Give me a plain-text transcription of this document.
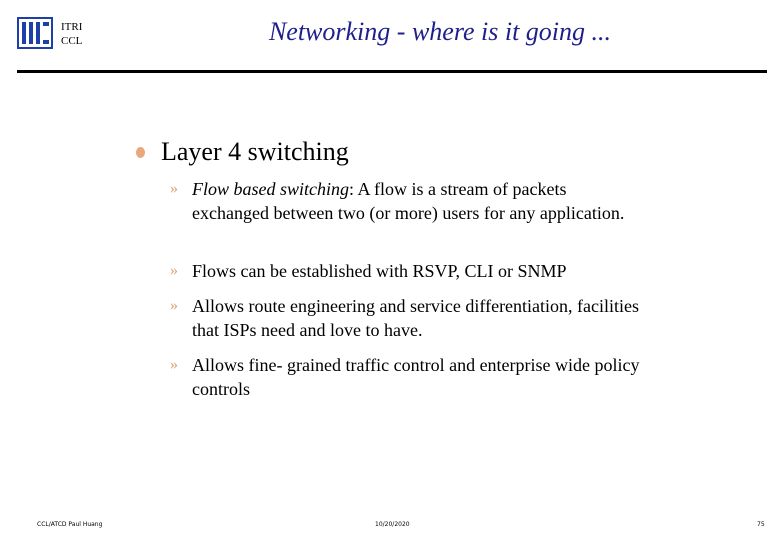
ITRI
CCL	Networking - where is it going ...
Layer 4 switching
» Flow based switching: A flow is a stream of packets exchanged between two (or more) users for any application.
» Flows can be established with RSVP, CLI or SNMP
» Allows route engineering and service differentiation, facilities that ISPs need and love to have.
» Allows fine- grained traffic control and enterprise wide policy controls
CCL/ATCD Paul Huang	10/20/2020	75
